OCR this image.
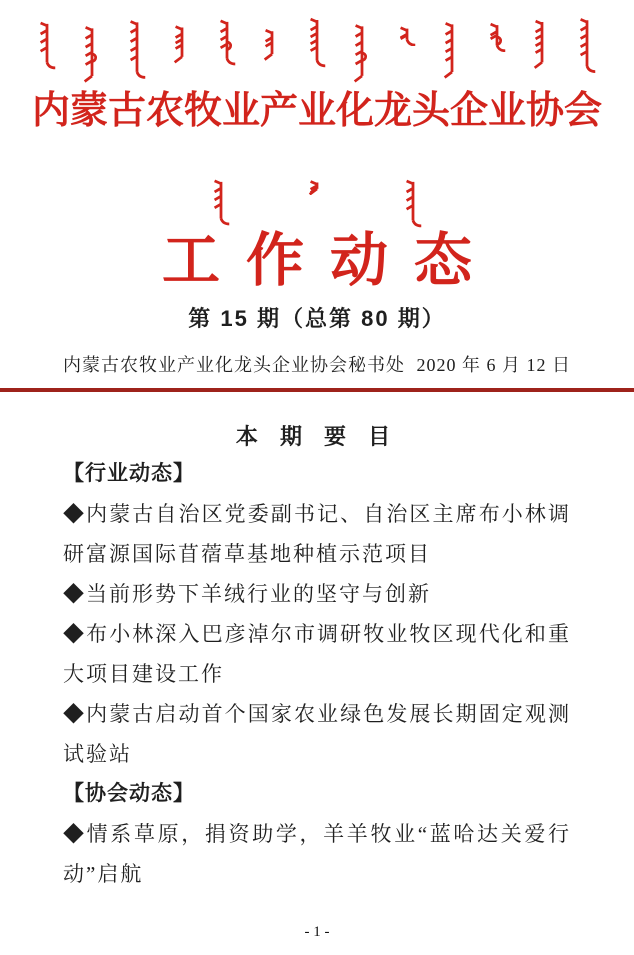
内蒙古农牧业产业化龙头企业协会
工作动态
第 15 期（总第 80 期）
内蒙古农牧业产业化龙头企业协会秘书处 2020 年 6 月 12 日
本 期 要 目

【行业动态】

◆内蒙古自治区党委副书记、自治区主席布小林调研富源国际苜蓿草基地种植示范项目

◆当前形势下羊绒行业的坚守与创新

◆布小林深入巴彦淖尔市调研牧业牧区现代化和重大项目建设工作

◆内蒙古启动首个国家农业绿色发展长期固定观测试验站

【协会动态】

◆情系草原，捐资助学，羊羊牧业“蓝哈达关爱行动”启航

- 1 -
